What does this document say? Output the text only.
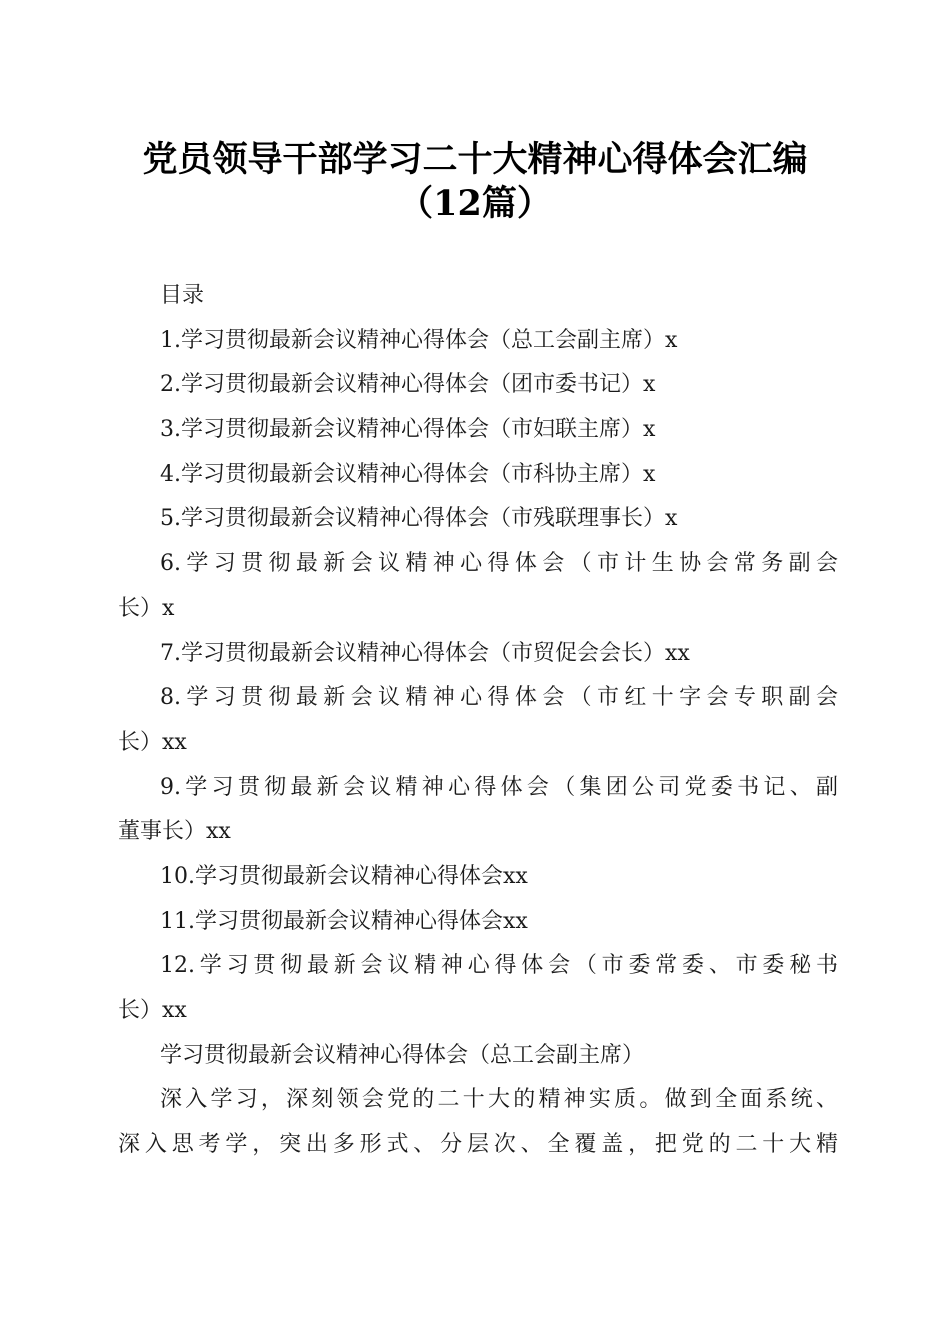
党员领导干部学习二十大精神心得体会汇编
（12篇）
目录
1.学习贯彻最新会议精神心得体会（总工会副主席）x
2.学习贯彻最新会议精神心得体会（团市委书记）x
3.学习贯彻最新会议精神心得体会（市妇联主席）x
4.学习贯彻最新会议精神心得体会（市科协主席）x
5.学习贯彻最新会议精神心得体会（市残联理事长）x
6.学习贯彻最新会议精神心得体会（市计生协会常务副会
长）x
7.学习贯彻最新会议精神心得体会（市贸促会会长）xx
8.学习贯彻最新会议精神心得体会（市红十字会专职副会
长）xx
9.学习贯彻最新会议精神心得体会（集团公司党委书记、副
董事长）xx
10.学习贯彻最新会议精神心得体会xx
11.学习贯彻最新会议精神心得体会xx
12.学习贯彻最新会议精神心得体会（市委常委、市委秘书
长）xx
学习贯彻最新会议精神心得体会（总工会副主席）
深入学习，深刻领会党的二十大的精神实质。做到全面系统、
深入思考学，突出多形式、分层次、全覆盖，把党的二十大精
